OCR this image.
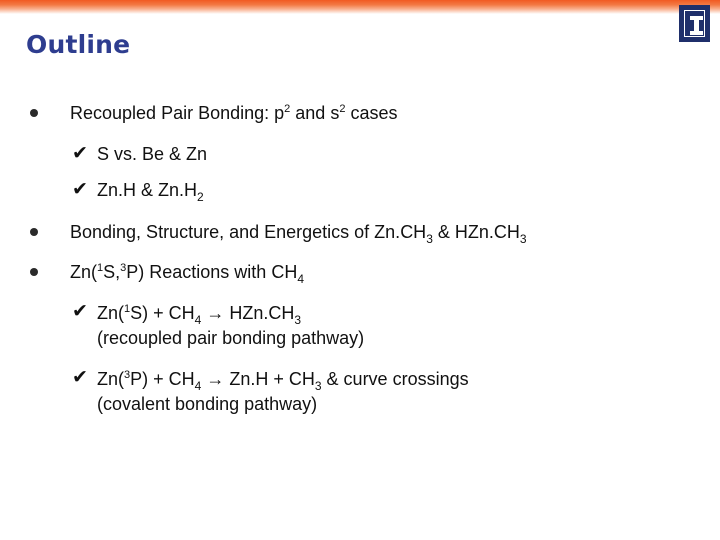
Outline
Recoupled Pair Bonding: $p^2$ and $s^2$ cases
✔ S vs. Be & Zn
✔ Zn.H & $Zn.H_2$
Bonding, Structure, and Energetics of $Zn.CH_3$ & $HZn.CH_3$
Zn($^1$S,$^3$P) Reactions with $CH_4$
✔ $Zn(^1S) + CH_4 \to HZn.CH_3$
(recoupled pair bonding pathway)
✔ $Zn(^3P) + CH_4 \to Zn.H + CH_3$ & curve crossings
(covalent bonding pathway)
